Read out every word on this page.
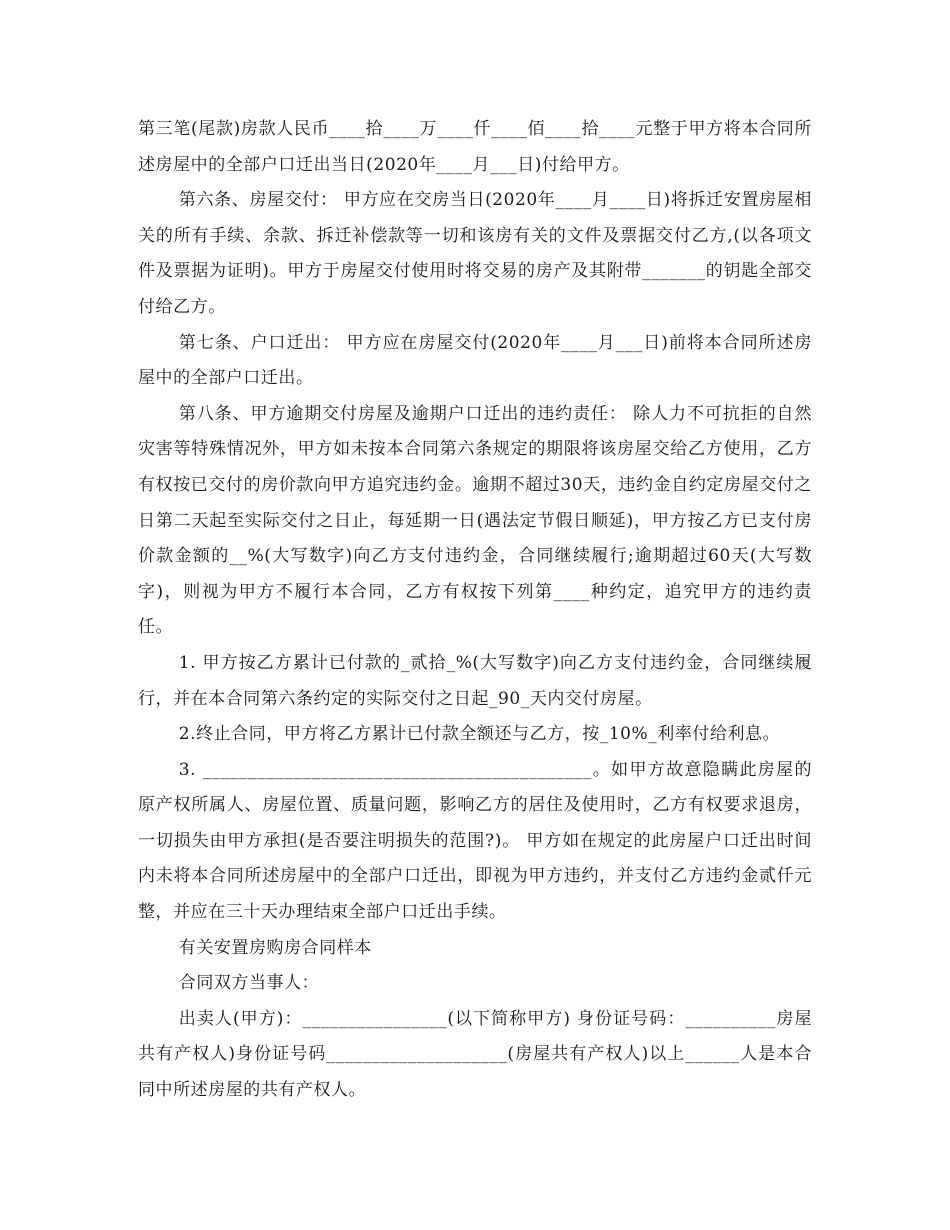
第三笔(尾款)房款人民币____拾____万____仟____佰____拾____元整于甲方将本合同所述房屋中的全部户口迁出当日(2020年____月___日)付给甲方。

第六条、房屋交付： 甲方应在交房当日(2020年____月____日)将拆迁安置房屋相关的所有手续、余款、拆迁补偿款等一切和该房有关的文件及票据交付乙方,(以各项文件及票据为证明)。甲方于房屋交付使用时将交易的房产及其附带_______的钥匙全部交付给乙方。

第七条、户口迁出： 甲方应在房屋交付(2020年____月___日)前将本合同所述房屋中的全部户口迁出。

第八条、甲方逾期交付房屋及逾期户口迁出的违约责任： 除人力不可抗拒的自然灾害等特殊情况外，甲方如未按本合同第六条规定的期限将该房屋交给乙方使用，乙方有权按已交付的房价款向甲方追究违约金。逾期不超过30天，违约金自约定房屋交付之日第二天起至实际交付之日止，每延期一日(遇法定节假日顺延)，甲方按乙方已支付房价款金额的__%(大写数字)向乙方支付违约金，合同继续履行;逾期超过60天(大写数字)，则视为甲方不履行本合同，乙方有权按下列第____种约定，追究甲方的违约责任。

1. 甲方按乙方累计已付款的_贰拾_%(大写数字)向乙方支付违约金，合同继续履行，并在本合同第六条约定的实际交付之日起_90_天内交付房屋。

2.终止合同，甲方将乙方累计已付款全额还与乙方，按_10%_利率付给利息。

3. ___________________________________________。如甲方故意隐瞒此房屋的原产权所属人、房屋位置、质量问题，影响乙方的居住及使用时，乙方有权要求退房，一切损失由甲方承担(是否要注明损失的范围?)。 甲方如在规定的此房屋户口迁出时间内未将本合同所述房屋中的全部户口迁出，即视为甲方违约，并支付乙方违约金贰仟元整，并应在三十天办理结束全部户口迁出手续。

有关安置房购房合同样本

合同双方当事人：

出卖人(甲方)：________________(以下简称甲方) 身份证号码：__________房屋共有产权人)身份证号码____________________(房屋共有产权人)以上______人是本合同中所述房屋的共有产权人。
